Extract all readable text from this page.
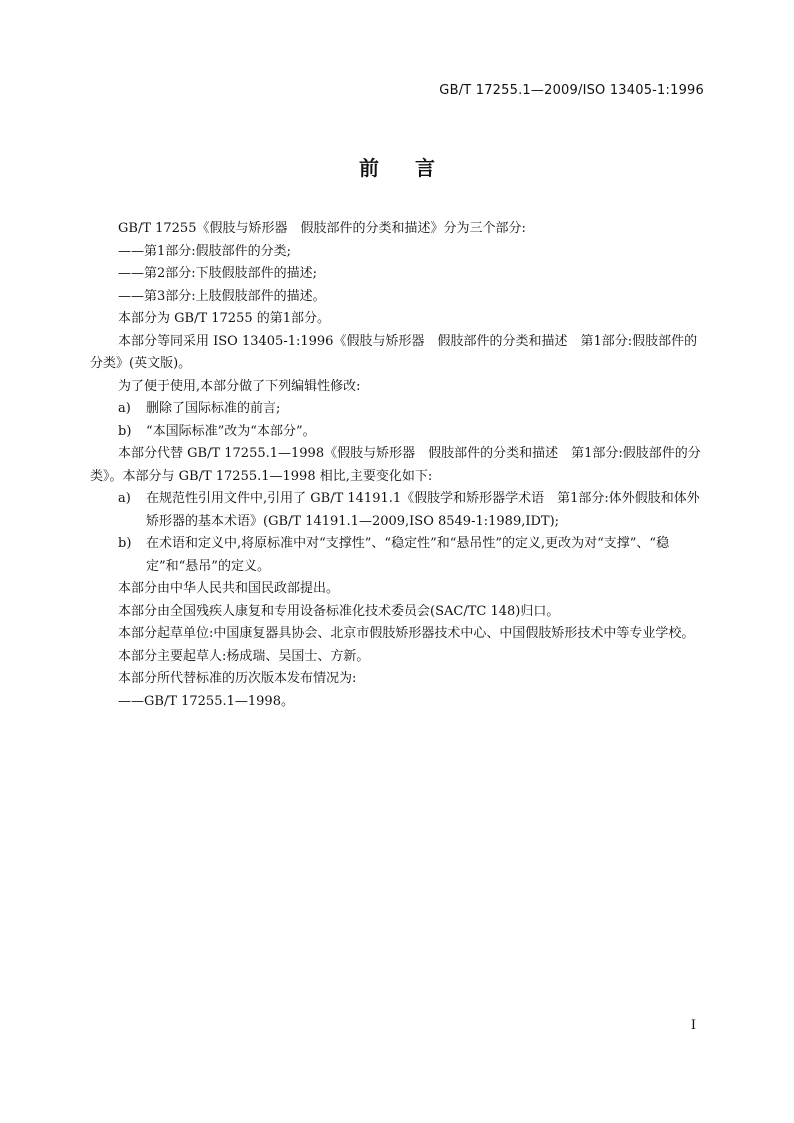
GB/T 17255.1—2009/ISO 13405-1:1996
前言

GB/T 17255《假肢与矫形器　假肢部件的分类和描述》分为三个部分:

——第1部分:假肢部件的分类;

——第2部分:下肢假肢部件的描述;

——第3部分:上肢假肢部件的描述。

本部分为 GB/T 17255 的第1部分。

本部分等同采用 ISO 13405-1:1996《假肢与矫形器　假肢部件的分类和描述　第1部分:假肢部件的分类》(英文版)。

为了便于使用,本部分做了下列编辑性修改:

a) 删除了国际标准的前言;

b) “本国际标准”改为“本部分”。

本部分代替 GB/T 17255.1—1998《假肢与矫形器　假肢部件的分类和描述　第1部分:假肢部件的分类》。本部分与 GB/T 17255.1—1998 相比,主要变化如下:

a) 在规范性引用文件中,引用了 GB/T 14191.1《假肢学和矫形器学术语　第1部分:体外假肢和体外矫形器的基本术语》(GB/T 14191.1—2009,ISO 8549-1:1989,IDT);

b) 在术语和定义中,将原标准中对“支撑性”、“稳定性”和“悬吊性”的定义,更改为对“支撑”、“稳定”和“悬吊”的定义。

本部分由中华人民共和国民政部提出。

本部分由全国残疾人康复和专用设备标准化技术委员会(SAC/TC 148)归口。

本部分起草单位:中国康复器具协会、北京市假肢矫形器技术中心、中国假肢矫形技术中等专业学校。

本部分主要起草人:杨成瑞、吴国士、方新。

本部分所代替标准的历次版本发布情况为:

——GB/T 17255.1—1998。

I
